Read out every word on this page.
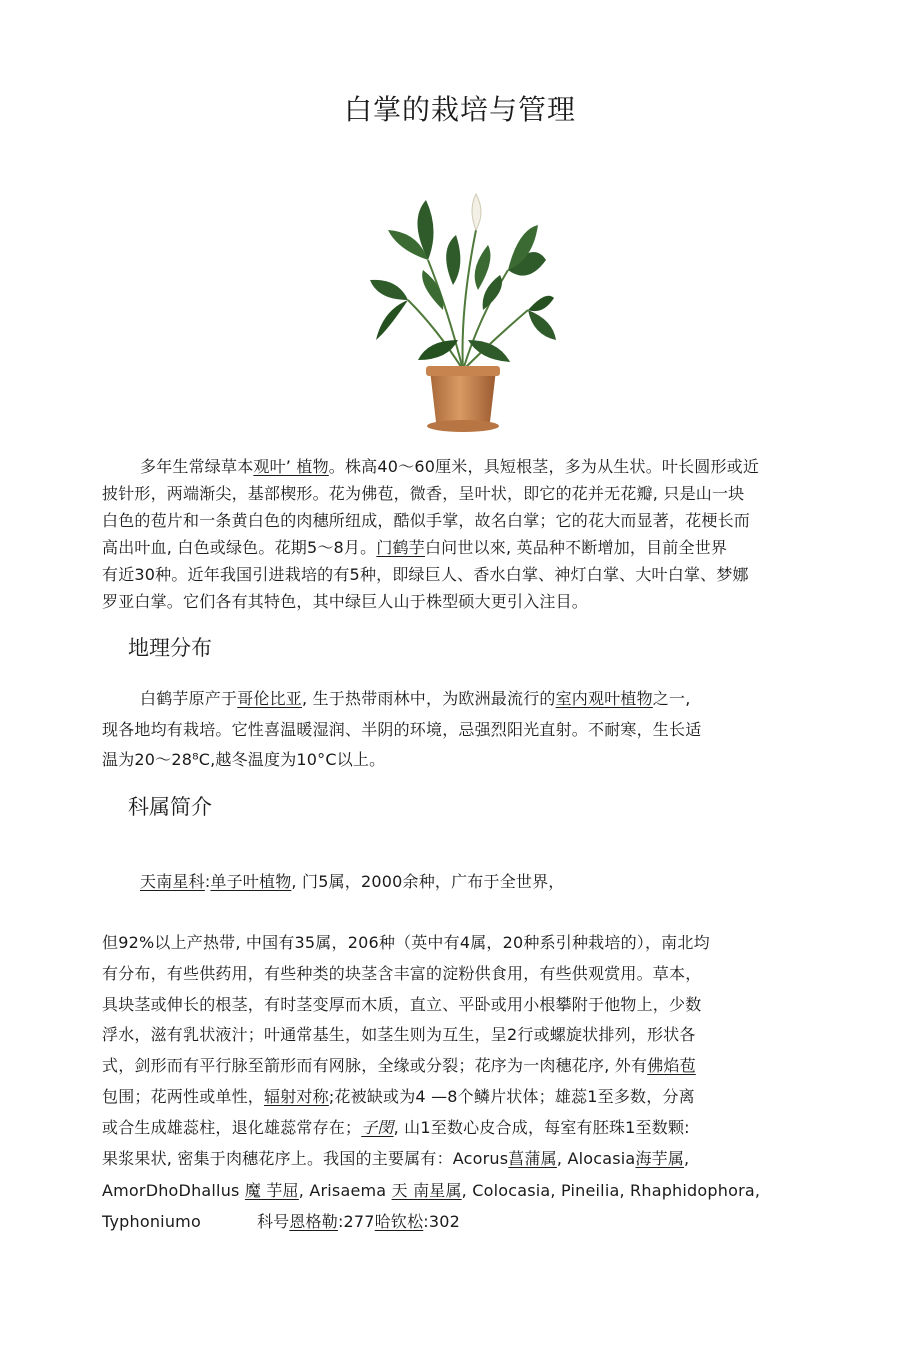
白掌的栽培与管理
多年生常绿草本观叶’ 植物。株高40～60厘米，具短根茎，多为从生状。叶长圆形或近
披针形，两端渐尖，基部楔形。花为佛苞，微香，呈叶状，即它的花并无花瓣, 只是山一块
白色的苞片和一条黄白色的肉穗所纽成，酷似手掌，故名白掌；它的花大而显著，花梗长而
高出叶血, 白色或绿色。花期5～8月。门鹤芋白问世以來, 英品种不断增加，目前全世界
有近30种。近年我国引进栽培的有5种，即绿巨人、香水白掌、神灯白掌、大叶白掌、梦娜
罗亚白掌。它们各有其特色，其中绿巨人山于株型硕大更引入注目。
地理分布
白鹤芋原产于哥伦比亚, 生于热带雨林中，为欧洲最流行的室内观叶植物之一,
现各地均有栽培。它性喜温暖湿润、半阴的环境，忌强烈阳光直射。不耐寒，生长适
温为20～28⁸C,越冬温度为10°C以上。
科属简介
天南星科:单子叶植物, 门5属，2000余种，广布于全世界，
但92%以上产热带, 中国有35属，206种（英中有4属，20种系引种栽培的），南北均
有分布，有些供药用，有些种类的块茎含丰富的淀粉供食用，有些供观赏用。草本，
具块茎或伸长的根茎，有时茎变厚而木质，直立、平卧或用小根攀附于他物上，少数
浮水，滋有乳状液汁；叶通常基生，如茎生则为互生，呈2行或螺旋状排列，形状各
式，剑形而有平行脉至箭形而有网脉，全缘或分裂；花序为一肉穗花序, 外有佛焰苞
包围；花两性或单性，辐射对称;花被缺或为4 —8个鳞片状体；雄蕊1至多数，分离
或合生成雄蕊柱，退化雄蕊常存在；子閔, 山1至数心皮合成，每室有胚珠1至数颗:
果浆果状, 密集于肉穗花序上。我国的主要属有：Acorus菖蒲属, Alocasia海芋属,
AmorDhoDhallus 魔 芋屈, Arisaema 天 南星属, Colocasia, Pineilia, Rhaphidophora,
Typhoniumo	科号恩格勒:277哈钦松:302
